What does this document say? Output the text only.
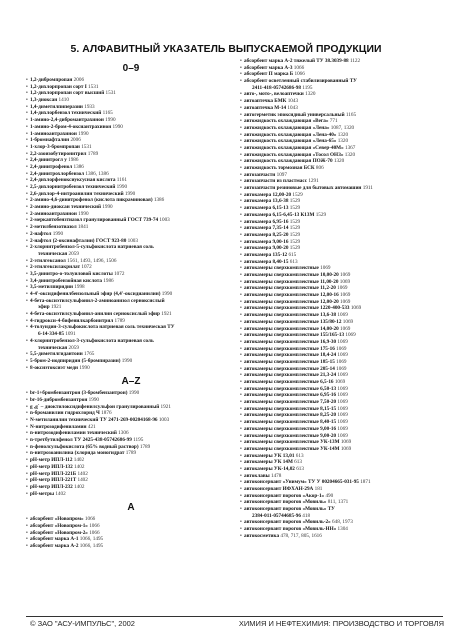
5. АЛФАВИТНЫЙ УКАЗАТЕЛЬ ВЫПУСКАЕМОЙ ПРОДУКЦИИ
0–9
• 1,2-дибромпропан 2006
• 1,2-дихлорпропан сорт I 1531
• 1,2-дихлорпропан сорт высший 1531
• 1,3-диоксан 1410
• 1,4-диметилпиперазин 1933
• 1,4-дихлорбензол технический 1165
• 1-амино-2,4-дибромантрахинон 1990
• 1-амино-2-бром-4-оксиантрахинон 1990
• 1-аминоантрахинон 1990
• 1-бромнафталин 2006
• 1-хлор-3-бромпропан 1531
• 2,2-азоизобутиронитрил 1789
• 2,4-динитрогл у 1986
• 2,4-динитрофенол 1386
• 2,4-динитрохлорбензол 1386, 1386
• 2,4-дихлорфеноксиуксусная кислота 1161
• 2,5-дихлорнитробензол технический 1990
• 2,6-дихлор-4-нитроанилин технический 1990
• 2-амино-4,6-динитрофенол (кислота пикраминовая) 1386
• 2-амино-диоксан технический 1990
• 2-аминоантрахинон 1990
• 2-меркаптобензтиазол гранулированный ГОСТ 739-74 1003
• 2-метилбензотиазол 1841
• 2-нафтол 1990
• 2-нафтол (2-оксинафталин) ГОСТ 923-80 1003
• 2-хлорнитробензол-5-сульфокислота натриевая соль
техническая 2059
• 2-этилгексанол 1561, 1493, 1496, 1506
• 2-этилгексилакрилат 1072
• 3,5-динитро-о-толуиловой кислоты 1072
• 3,4-динитробензойная кислота 1986
• 3,5-метилпиридин 1998
• 4-4'-оксидифенилбензольный эфир (4,4'-оксидианилин) 1990
• 4-бета-оксиэтилсульфонил-2-аминоанизол серноксислый
эфир 1921
• 4-бета-оксиэтилсульфонил-анилин серноксислый эфир 1921
• 4-гидрокси-4-бифенилкарбонитрил 1789
• 4-толуидин-3-сульфокислота натриевая соль техническая ТУ
6-14-334-85 1091
• 4-хлорнитробензол-3-сульфокислота натриевая соль
техническая 2059
• 5,5-диметилгидантоин 1765
• 5-бром-2-иодпиридин (5-бромпиразин) 1990
• 8-оксиэтоксиэт медн 1990
A–Z
• br-1+бромбензантрон (3-бромбензантрон) 1990
• br-16-дибромбензантрон 1990
• g ,g` – диоктилоксидифенилсульфон гранулированный 1921
• n-броманилин гидрохлорид Ч 1876
• N-метиланилин технический ТУ 2471-269-00204168-96 1003
• N-нитрозодифениламин 421
• n-нитрозодифениламин технический 1306
• n-третбутилфенол ТУ 2425-438-05742686-99 1195
• n-фенолсульфокислота (65% водный раствор) 1789
• n-нитрозоанилина (хлорида моногидрат 1789
• pH-метр ИПЛ-112 1402
• pH-метр ИПЛ-132 1402
• pH-метр ИПЛ-221Б 1402
• pH-метр ИПЛ-221Т 1402
• pH-метр ИПЛ-232 1402
• pH-метры 1402
А
• абсорбент «Новопром» 1066
• абсорбент «Новопром-1» 1066
• абсорбент «Новопром-2» 1066
• абсорбент марка А-1 1066, 1495
• абсорбент марка А-2 1066, 1495
• абсорбент марка А-2 тяжелый ТУ 38.3039-88 1122
• абсорбент марка А-3 1066
• абсорбент П марка Б 1066
• абсорбент осветленный стабилизированный ТУ
2411-418-05742686-98 1195
• авто-, мото-, велоаптечки 1320
• автоаптечка БМК 1043
• автоаптечка М-14 1043
• автогерметик эпоксидный универсальный 1165
• автожидкость охлаждающая «Вега» 771
• автожидкость охлаждающая «Лена» 1087, 1320
• автожидкость охлаждающая «Лена-40» 1320
• автожидкость охлаждающая «Лена-65» 1320
• автожидкость охлаждающая «Север-40М» 1367
• автожидкость охлаждающая «Тосол ОНЗ» 1320
• автожидкость охлаждающая ПОЖ-70 1320
• автожидкость тормозная БСК 806
• автозапчасти 1097
• автозапчасти из пластмасс 1291
• автозапчасти резиновые для бытовых автомашин 1911
• автокамера 12,00-20 1529
• автокамера 13,6-38 1529
• автокамера 6,15-13 1529
• автокамера 6,15-6,45-13 К13М 1529
• автокамера 6,95-16 1529
• автокамера 7,35-14 1529
• автокамера 8,25-20 1529
• автокамера 9,00-16 1529
• автокамера 9,00-20 1529
• автокамера 135-12 615
• автокамера 8,40-15 613
• автокамеры сверхкомплектные 1069
• автокамеры сверхкомплектные 10,00-20 1069
• автокамеры сверхкомплектные 11,00-20 1069
• автокамеры сверхкомплектные 11,2-20 1069
• автокамеры сверхкомплектные 12,00-16 1069
• автокамеры сверхкомплектные 12,00-20 1069
• автокамеры сверхкомплектные 1220-400-533 1069
• автокамеры сверхкомплектные 13,6-38 1069
• автокамеры сверхкомплектные 135/80-12 1069
• автокамеры сверхкомплектные 14,00-20 1069
• автокамеры сверхкомплектные 155/165-13 1069
• автокамеры сверхкомплектные 16,9-30 1069
• автокамеры сверхкомплектные 175-16 1069
• автокамеры сверхкомплектные 18,4-24 1069
• автокамеры сверхкомплектные 185-15 1069
• автокамеры сверхкомплектные 205-14 1069
• автокамеры сверхкомплектные 21,3-24 1069
• автокамеры сверхкомплектные 6,5-16 1069
• автокамеры сверхкомплектные 6,50-13 1069
• автокамеры сверхкомплектные 6,95-16 1069
• автокамеры сверхкомплектные 7,50-20 1069
• автокамеры сверхкомплектные 8,15-15 1069
• автокамеры сверхкомплектные 8,25-20 1069
• автокамеры сверхкомплектные 8,40-15 1069
• автокамеры сверхкомплектные 9,00-16 1069
• автокамеры сверхкомплектные 9,00-20 1069
• автокамеры сверхкомплектные УК-13М 1069
• автокамеры сверхкомплектные УК-14М 1069
• автокамеры УК 13,01 613
• автокамеры УК 14М 613
• автокамеры УК-14,02 613
• автоклавы 1478
• автоконсервант «Унимум» ТУ У 00204665-031-95 1871
• автоконсервант ИФХАН-29А 181
• автоконсервант порогов «Акор-1» 490
• автоконсервант порогов «Мовиль» 811, 1371
• автоконсервант порогов «Мовиль» ТУ
2384-011-05744685-96 418
• автоконсервант порогов «Мовиль-2» 648, 1973
• автоконсервант порогов «Мовиль-НН» 1304
• автокосметика 478, 717, 805, 1616
© ЗАО "АСУ-ИМПУЛЬС", 2002	ХИМИЯ И НЕФТЕХИМИЯ: ПРОИЗВОДСТВО И ТОРГОВЛЯ
